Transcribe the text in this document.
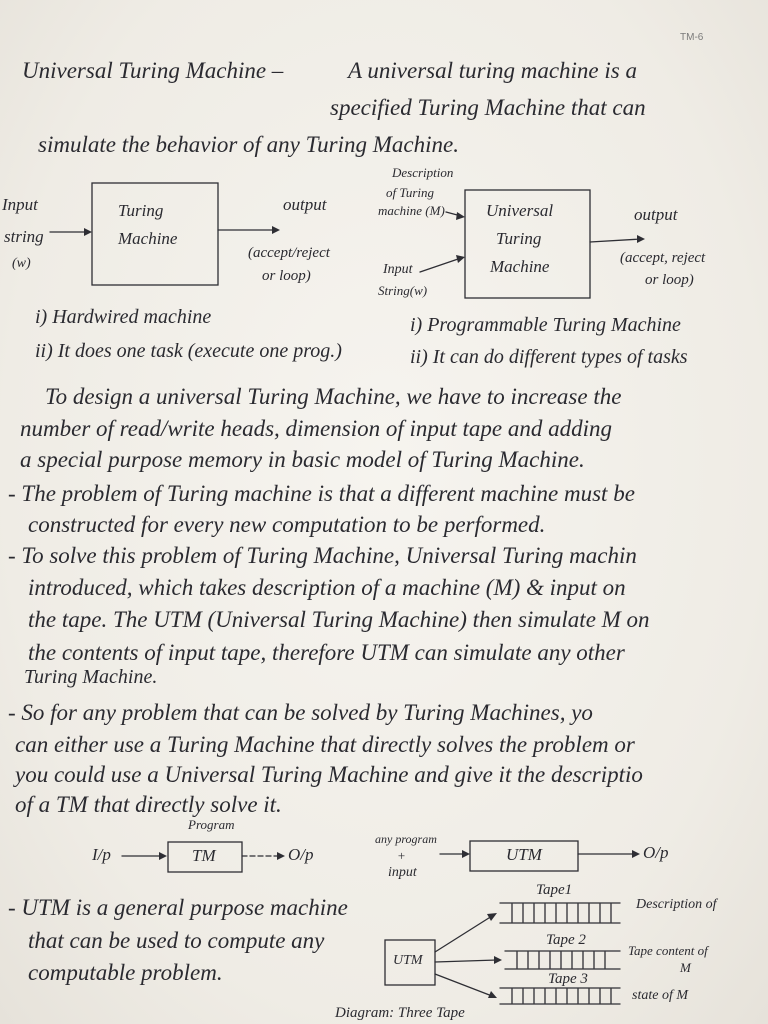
TM-6
Universal Turing Machine –	A universal turing machine is a
specified Turing Machine that can
simulate the behavior of any Turing Machine.
Input
string
(w)
Turing
Machine
output
(accept/reject
or loop)
Description
of Turing
machine (M)
Input
String(w)
Universal
Turing
Machine
output
(accept, reject
or loop)
i) Hardwired machine
ii) It does one task (execute one prog.)
i) Programmable Turing Machine
ii) It can do different types of tasks
To design a universal Turing Machine, we have to increase the
number of read/write heads, dimension of input tape and adding
a special purpose memory in basic model of Turing Machine.
- The problem of Turing machine is that a different machine must be
constructed for every new computation to be performed.
- To solve this problem of Turing Machine, Universal Turing machin
introduced, which takes description of a machine (M) & input on
the tape. The UTM (Universal Turing Machine) then simulate M on
the contents of input tape, therefore UTM can simulate any other
Turing Machine.
- So for any problem that can be solved by Turing Machines, yo
can either use a Turing Machine that directly solves the problem or
you could use a Universal Turing Machine and give it the descriptio
of a TM that directly solve it.
Program
I/p	TM	O/p
any program
+
input
UTM	O/p
- UTM is a general purpose machine
that can be used to compute any
computable problem.	UTM
Tape1
Description of
Tape 2
Tape content of
M
Tape 3
state of M
Diagram: Three Tape
